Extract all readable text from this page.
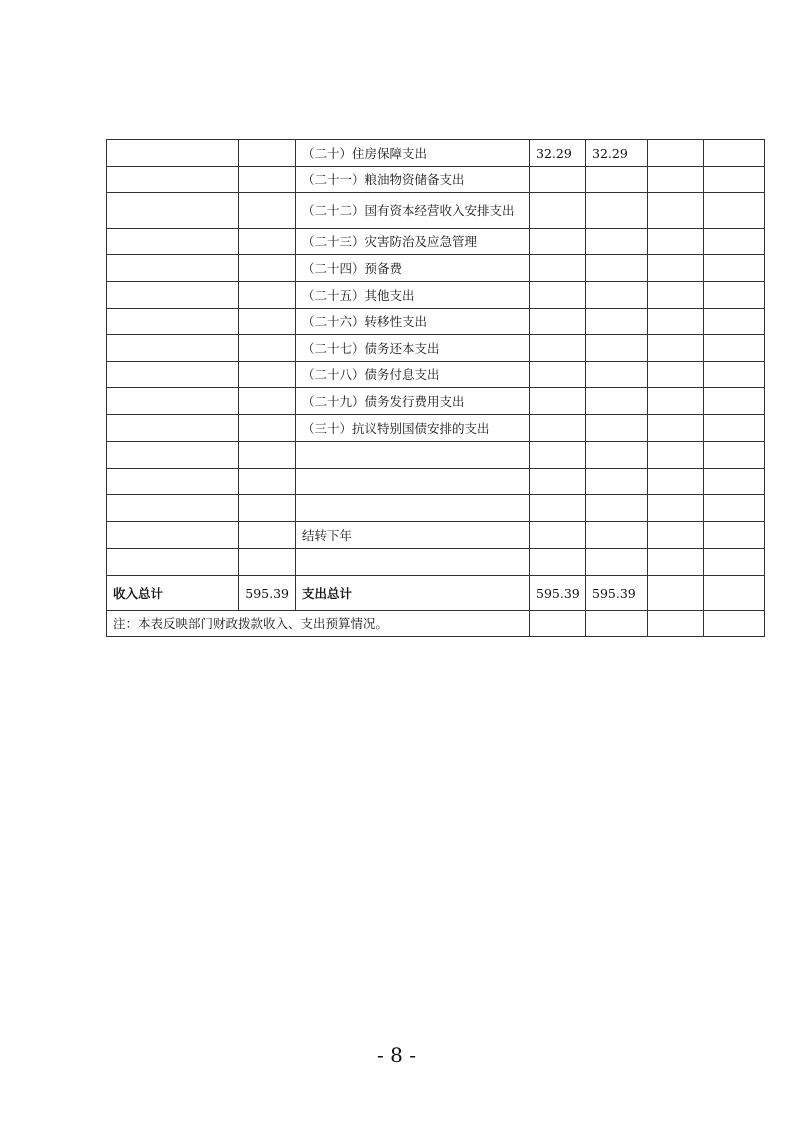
		（二十）住房保障支出	32.29	32.29		
		（二十一）粮油物资储备支出				
		（二十二）国有资本经营收入安排支出				
		（二十三）灾害防治及应急管理				
		（二十四）预备费				
		（二十五）其他支出				
		（二十六）转移性支出				
		（二十七）债务还本支出				
		（二十八）债务付息支出				
		（二十九）债务发行费用支出				
		（三十）抗议特别国债安排的支出				

		结转下年				

收入总计	595.39	支出总计	595.39	595.39		
注：本表反映部门财政拨款收入、支出预算情况。						
- 8 -
